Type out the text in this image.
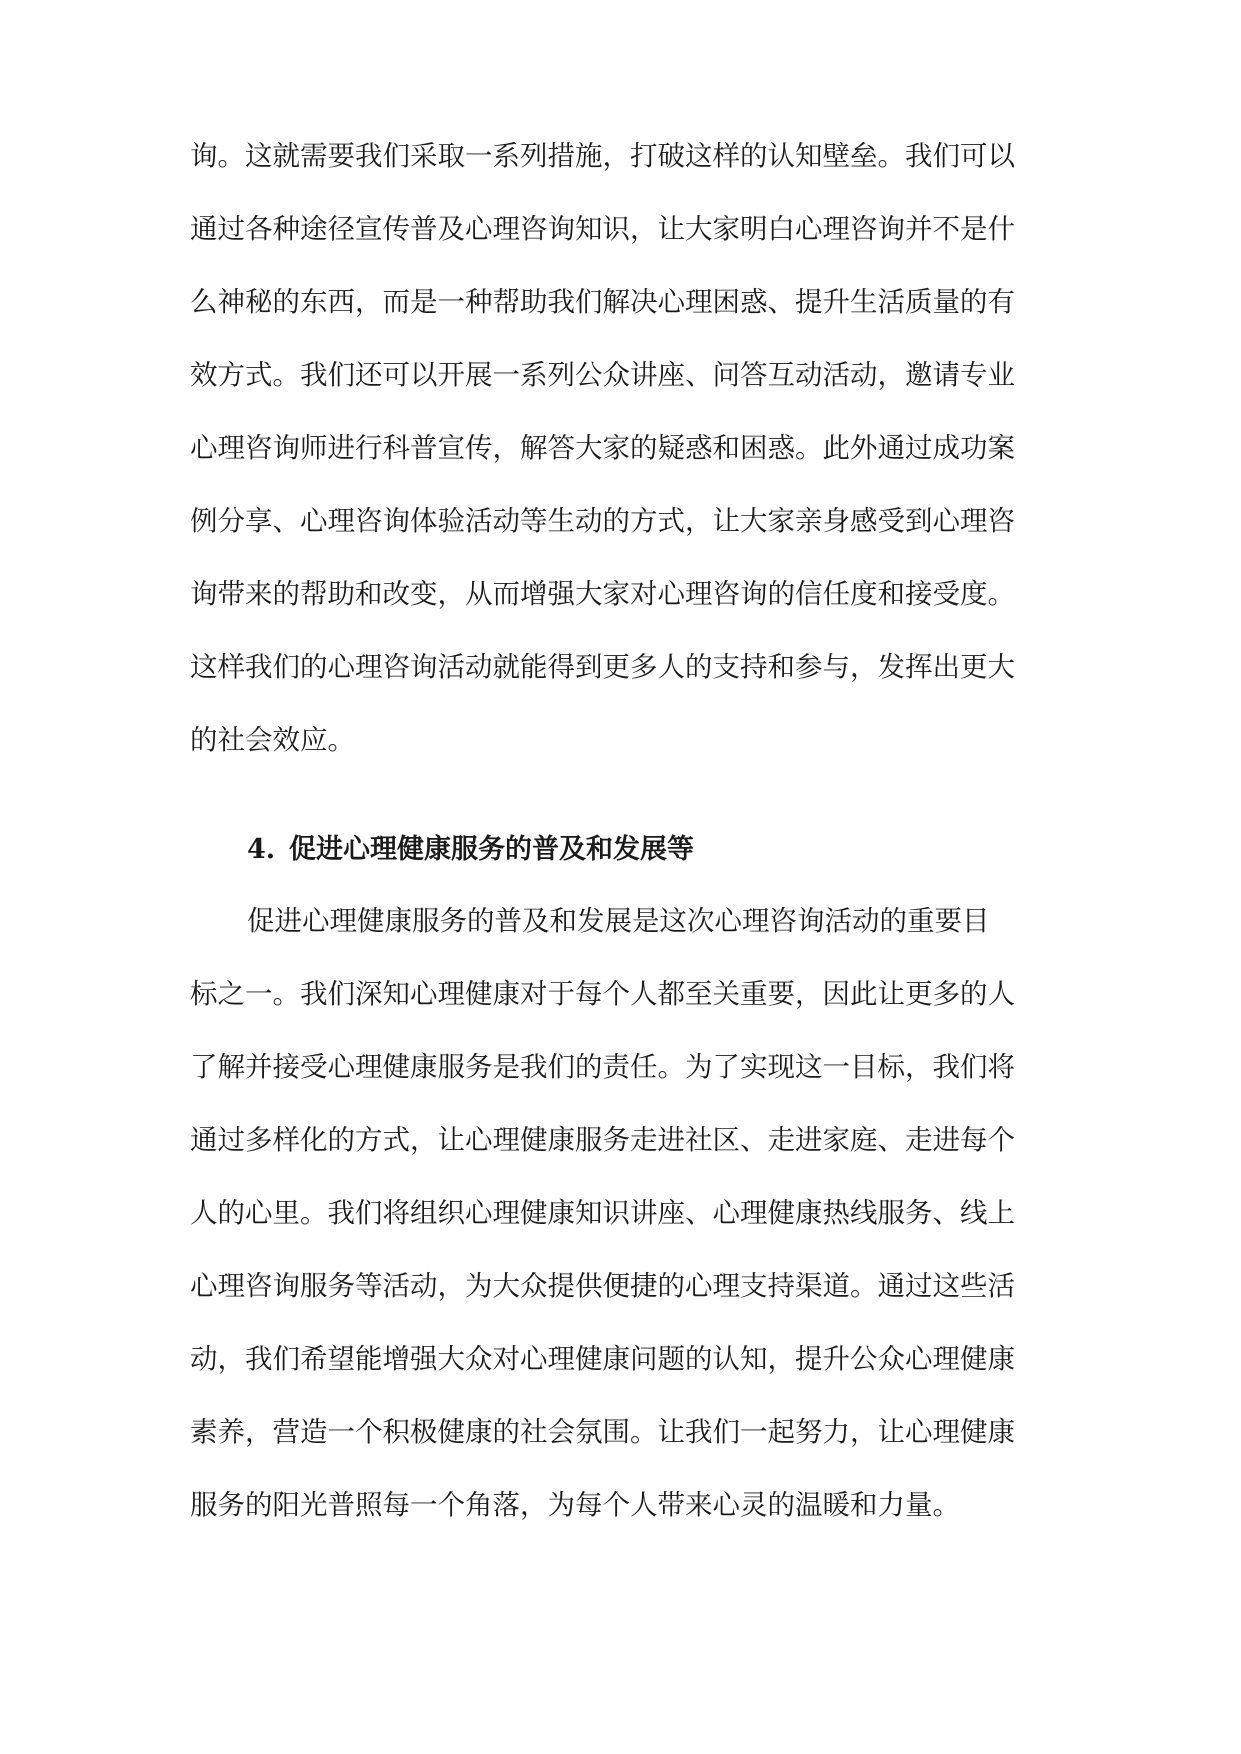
询。这就需要我们采取一系列措施，打破这样的认知壁垒。我们可以
通过各种途径宣传普及心理咨询知识，让大家明白心理咨询并不是什
么神秘的东西，而是一种帮助我们解决心理困惑、提升生活质量的有
效方式。我们还可以开展一系列公众讲座、问答互动活动，邀请专业
心理咨询师进行科普宣传，解答大家的疑惑和困惑。此外通过成功案
例分享、心理咨询体验活动等生动的方式，让大家亲身感受到心理咨
询带来的帮助和改变，从而增强大家对心理咨询的信任度和接受度。
这样我们的心理咨询活动就能得到更多人的支持和参与，发挥出更大
的社会效应。
4. 促进心理健康服务的普及和发展等
促进心理健康服务的普及和发展是这次心理咨询活动的重要目
标之一。我们深知心理健康对于每个人都至关重要，因此让更多的人
了解并接受心理健康服务是我们的责任。为了实现这一目标，我们将
通过多样化的方式，让心理健康服务走进社区、走进家庭、走进每个
人的心里。我们将组织心理健康知识讲座、心理健康热线服务、线上
心理咨询服务等活动，为大众提供便捷的心理支持渠道。通过这些活
动，我们希望能增强大众对心理健康问题的认知，提升公众心理健康
素养，营造一个积极健康的社会氛围。让我们一起努力，让心理健康
服务的阳光普照每一个角落，为每个人带来心灵的温暖和力量。
